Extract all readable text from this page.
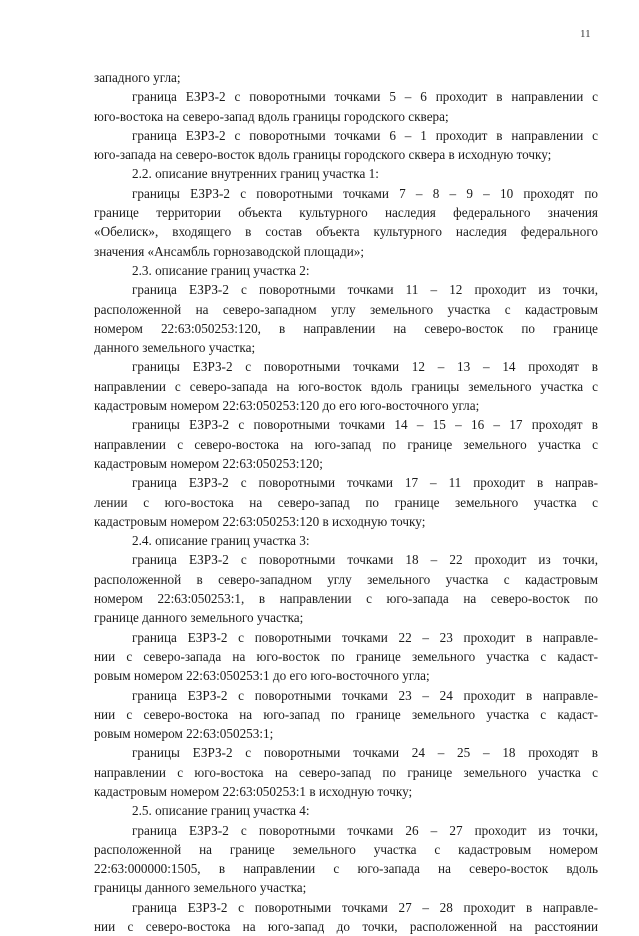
11
западного угла;
граница ЕЗРЗ-2 с поворотными точками 5 – 6 проходит в направлении с
юго-востока на северо-запад вдоль границы городского сквера;
граница ЕЗРЗ-2 с поворотными точками 6 – 1 проходит в направлении с
юго-запада на северо-восток вдоль границы городского сквера в исходную точку;
2.2. описание внутренних границ участка 1:
границы ЕЗРЗ-2 с поворотными точками 7 – 8 – 9 – 10 проходят по
границе территории объекта культурного наследия федерального значения
«Обелиск», входящего в состав объекта культурного наследия федерального
значения «Ансамбль горнозаводской площади»;
2.3. описание границ участка 2:
граница ЕЗРЗ-2 с поворотными точками 11 – 12 проходит из точки,
расположенной на северо-западном углу земельного участка с кадастровым
номером 22:63:050253:120, в направлении на северо-восток по границе
данного земельного участка;
границы ЕЗРЗ-2 с поворотными точками 12 – 13 – 14 проходят в
направлении с северо-запада на юго-восток вдоль границы земельного участка с
кадастровым номером 22:63:050253:120 до его юго-восточного угла;
границы ЕЗРЗ-2 с поворотными точками 14 – 15 – 16 – 17 проходят в
направлении с северо-востока на юго-запад по границе земельного участка с
кадастровым номером 22:63:050253:120;
граница ЕЗРЗ-2 с поворотными точками 17 – 11 проходит в направ-
лении с юго-востока на северо-запад по границе земельного участка с
кадастровым номером 22:63:050253:120 в исходную точку;
2.4. описание границ участка 3:
граница ЕЗРЗ-2 с поворотными точками 18 – 22 проходит из точки,
расположенной в северо-западном углу земельного участка с кадастровым
номером 22:63:050253:1, в направлении с юго-запада на северо-восток по
границе данного земельного участка;
граница ЕЗРЗ-2 с поворотными точками 22 – 23 проходит в направле-
нии с северо-запада на юго-восток по границе земельного участка с кадаст-
ровым номером 22:63:050253:1 до его юго-восточного угла;
граница ЕЗРЗ-2 с поворотными точками 23 – 24 проходит в направле-
нии с северо-востока на юго-запад по границе земельного участка с кадаст-
ровым номером 22:63:050253:1;
границы ЕЗРЗ-2 с поворотными точками 24 – 25 – 18 проходят в
направлении с юго-востока на северо-запад по границе земельного участка с
кадастровым номером 22:63:050253:1 в исходную точку;
2.5. описание границ участка 4:
граница ЕЗРЗ-2 с поворотными точками 26 – 27 проходит из точки,
расположенной на границе земельного участка с кадастровым номером
22:63:000000:1505, в направлении с юго-запада на северо-восток вдоль
границы данного земельного участка;
граница ЕЗРЗ-2 с поворотными точками 27 – 28 проходит в направле-
нии с северо-востока на юго-запад до точки, расположенной на расстоянии
